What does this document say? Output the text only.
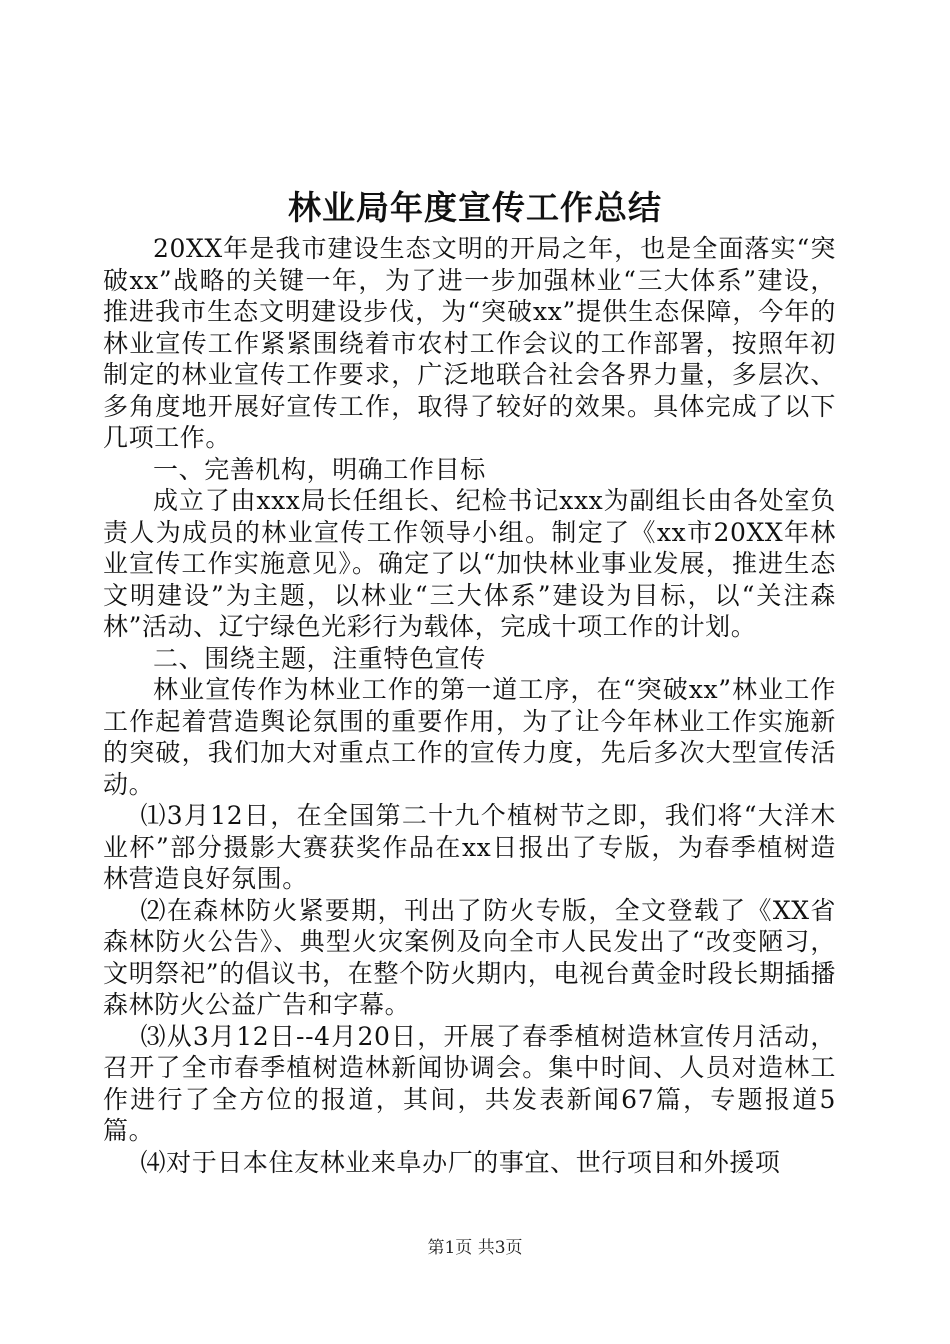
林业局年度宣传工作总结

20XX年是我市建设生态文明的开局之年，也是全面落实“突破xx”战略的关键一年，为了进一步加强林业“三大体系”建设，推进我市生态文明建设步伐，为“突破xx”提供生态保障，今年的林业宣传工作紧紧围绕着市农村工作会议的工作部署，按照年初制定的林业宣传工作要求，广泛地联合社会各界力量，多层次、多角度地开展好宣传工作，取得了较好的效果。具体完成了以下几项工作。

一、完善机构，明确工作目标

成立了由xxx局长任组长、纪检书记xxx为副组长由各处室负责人为成员的林业宣传工作领导小组。制定了《xx市20XX年林业宣传工作实施意见》。确定了以“加快林业事业发展，推进生态文明建设”为主题，以林业“三大体系”建设为目标，以“关注森林”活动、辽宁绿色光彩行为载体，完成十项工作的计划。

二、围绕主题，注重特色宣传

林业宣传作为林业工作的第一道工序，在“突破xx”林业工作工作起着营造舆论氛围的重要作用，为了让今年林业工作实施新的突破，我们加大对重点工作的宣传力度，先后多次大型宣传活动。

⑴3月12日，在全国第二十九个植树节之即，我们将“大洋木业杯”部分摄影大赛获奖作品在xx日报出了专版，为春季植树造林营造良好氛围。

⑵在森林防火紧要期，刊出了防火专版，全文登载了《XX省森林防火公告》、典型火灾案例及向全市人民发出了“改变陋习，文明祭祀”的倡议书，在整个防火期内，电视台黄金时段长期插播森林防火公益广告和字幕。

⑶从3月12日--4月20日，开展了春季植树造林宣传月活动，召开了全市春季植树造林新闻协调会。集中时间、人员对造林工作进行了全方位的报道，其间，共发表新闻67篇，专题报道5篇。

⑷对于日本住友林业来阜办厂的事宜、世行项目和外援项

第1页 共3页
